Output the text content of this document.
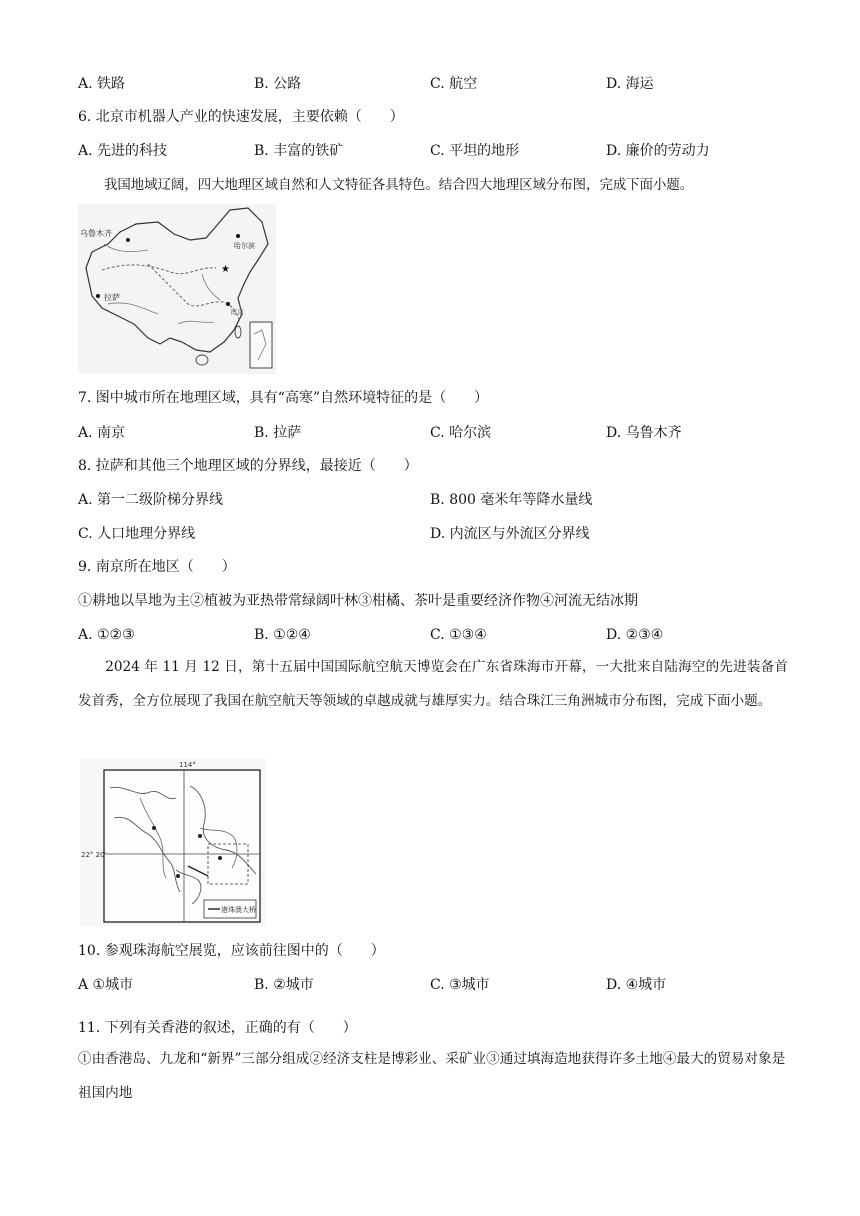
A. 铁路	B. 公路	C. 航空	D. 海运
6. 北京市机器人产业的快速发展，主要依赖（　　）
A. 先进的科技	B. 丰富的铁矿	C. 平坦的地形	D. 廉价的劳动力
我国地域辽阔，四大地理区域自然和人文特征各具特色。结合四大地理区域分布图，完成下面小题。
★
乌鲁木齐
哈尔滨
拉萨
南京
7. 图中城市所在地理区域，具有“高寒”自然环境特征的是（　　）
A. 南京	B. 拉萨	C. 哈尔滨	D. 乌鲁木齐
8. 拉萨和其他三个地理区域的分界线，最接近（　　）
A. 第一二级阶梯分界线	B. 800 毫米年等降水量线
C. 人口地理分界线	D. 内流区与外流区分界线
9. 南京所在地区（　　）
①耕地以旱地为主②植被为亚热带常绿阔叶林③柑橘、茶叶是重要经济作物④河流无结冰期
A. ①②③	B. ①②④	C. ①③④	D. ②③④
2024 年 11 月 12 日，第十五届中国国际航空航天博览会在广东省珠海市开幕，一大批来自陆海空的先进装备首发首秀，全方位展现了我国在航空航天等领域的卓越成就与雄厚实力。结合珠江三角洲城市分布图，完成下面小题。
港珠澳大桥
114°
22° 20′
10. 参观珠海航空展览，应该前往图中的（　　）
A ①城市	B. ②城市	C. ③城市	D. ④城市
11. 下列有关香港的叙述，正确的有（　　）
①由香港岛、九龙和“新界”三部分组成②经济支柱是博彩业、采矿业③通过填海造地获得许多土地④最大的贸易对象是祖国内地
